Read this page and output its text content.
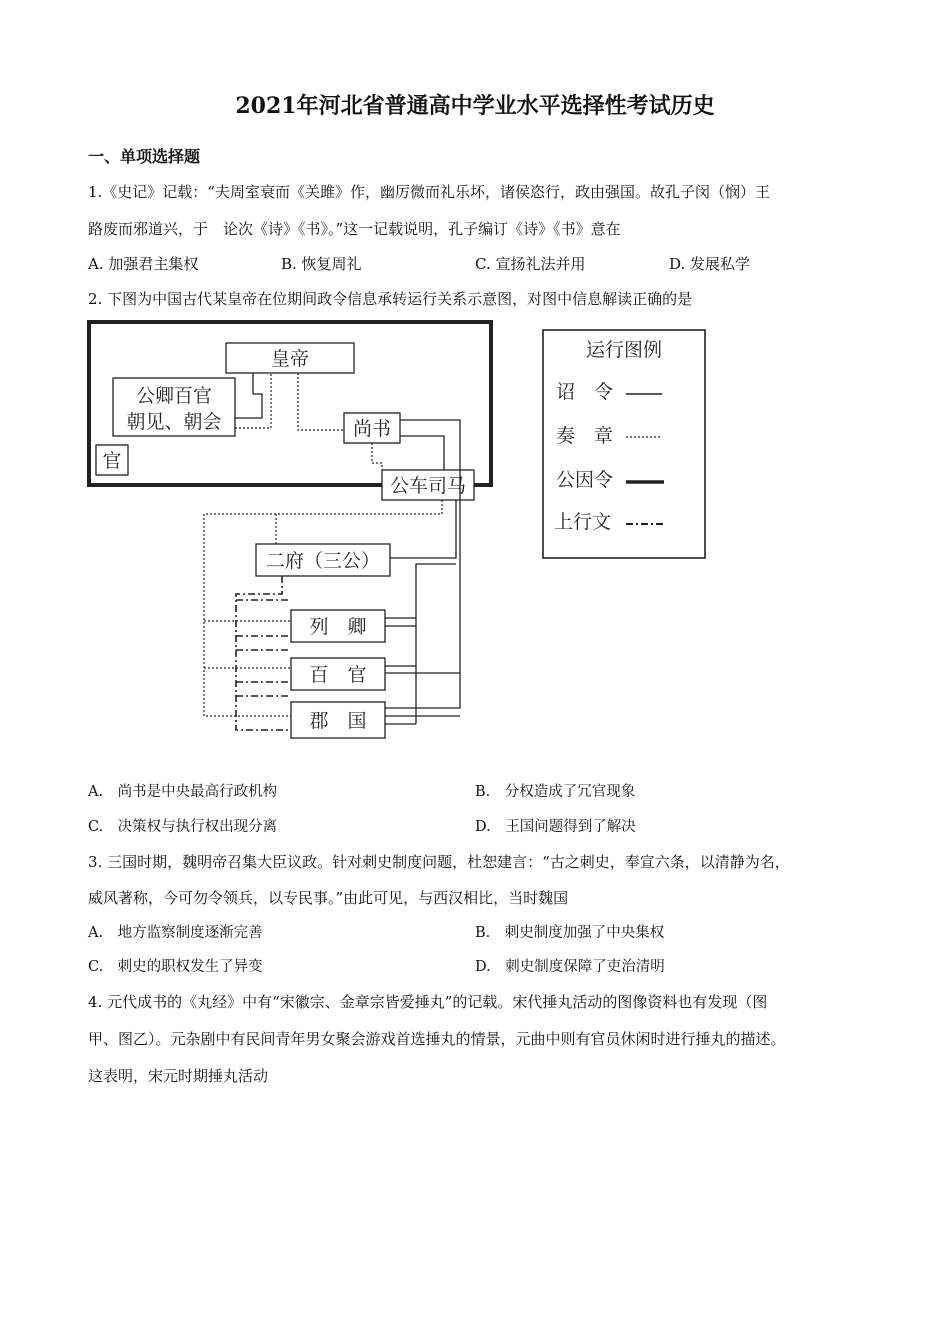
2021年河北省普通高中学业水平选择性考试历史
一、单项选择题
1.《史记》记载：“夫周室衰而《关雎》作，幽厉微而礼乐坏，诸侯恣行，政由强国。故孔子闵（悯）王
路废而邪道兴，于　论次《诗》《书》。”这一记载说明，孔子编订《诗》《书》意在
A. 加强君主集权	B. 恢复周礼	C. 宣扬礼法并用	D. 发展私学
2. 下图为中国古代某皇帝在位期间政令信息承转运行关系示意图，对图中信息解读正确的是
皇帝
公卿百官
朝见、朝会
官
尚书
公车司马
二府（三公）
列　卿
百　官
郡　国
运行图例
诏　令
奏　章
公因令
上行文
A.　尚书是中央最高行政机构	B.　分权造成了冗官现象
C.　决策权与执行权出现分离	D.　王国问题得到了解决
3. 三国时期，魏明帝召集大臣议政。针对刺史制度问题，杜恕建言：“古之刺史，奉宣六条，以清静为名，
威风著称，今可勿令领兵，以专民事。”由此可见，与西汉相比，当时魏国
A.　地方监察制度逐渐完善	B.　刺史制度加强了中央集权
C.　刺史的职权发生了异变	D.　刺史制度保障了吏治清明
4. 元代成书的《丸经》中有“宋徽宗、金章宗皆爱捶丸”的记载。宋代捶丸活动的图像资料也有发现（图
甲、图乙）。元杂剧中有民间青年男女聚会游戏首选捶丸的情景，元曲中则有官员休闲时进行捶丸的描述。
这表明，宋元时期捶丸活动
